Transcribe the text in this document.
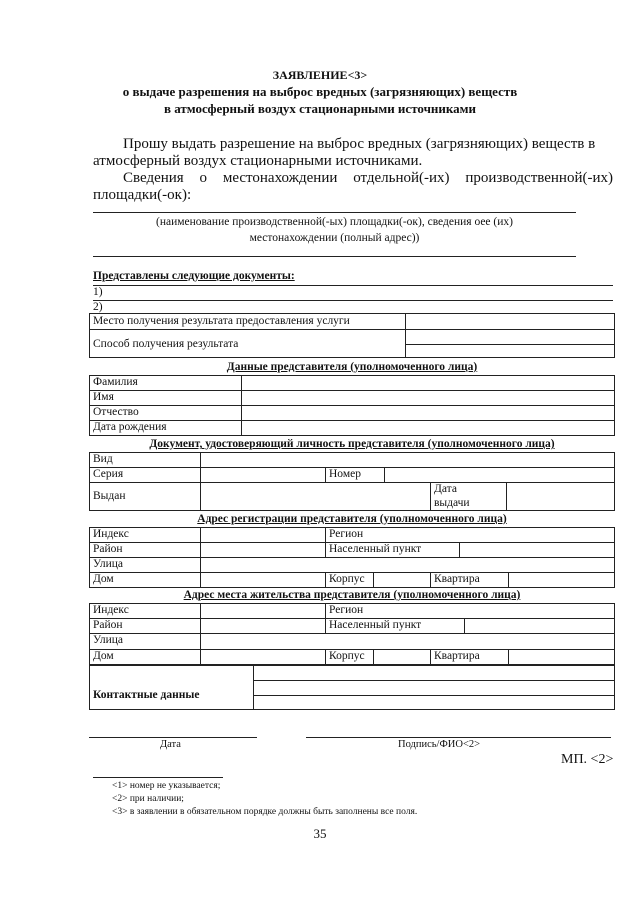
ЗАЯВЛЕНИЕ<3>
о выдаче разрешения на выброс вредных (загрязняющих) веществ
в атмосферный воздух стационарными источниками
Прошу выдать разрешение на выброс вредных (загрязняющих) веществ в
атмосферный воздух стационарными источниками.
Сведения о местонахождении отдельной(-их) производственной(-их)
площадки(-ок):
(наименование производственной(-ых) площадки(-ок), сведения оее (их)
местонахождении (полный адрес))
Представлены следующие документы:
1)
2)
Место получения результата предоставления услуги
Способ получения результата
Данные представителя (уполномоченного лица)
Фамилия
Имя
Отчество
Дата рождения
Документ, удостоверяющий личность представителя (уполномоченного лица)
Вид
Серия	Номер
Выдан
Дата
выдачи
Адрес регистрации представителя (уполномоченного лица)
Индекс	Регион
Район	Населенный пункт
Улица
Дом	Корпус	Квартира
Адрес места жительства представителя (уполномоченного лица)
Индекс	Регион
Район	Населенный пункт
Улица
Дом	Корпус	Квартира
Контактные данные
Дата	Подпись/ФИО<2>
МП. <2>
<1> номер не указывается;
<2> при наличии;
<3> в заявлении в обязательном порядке должны быть заполнены все поля.
35
